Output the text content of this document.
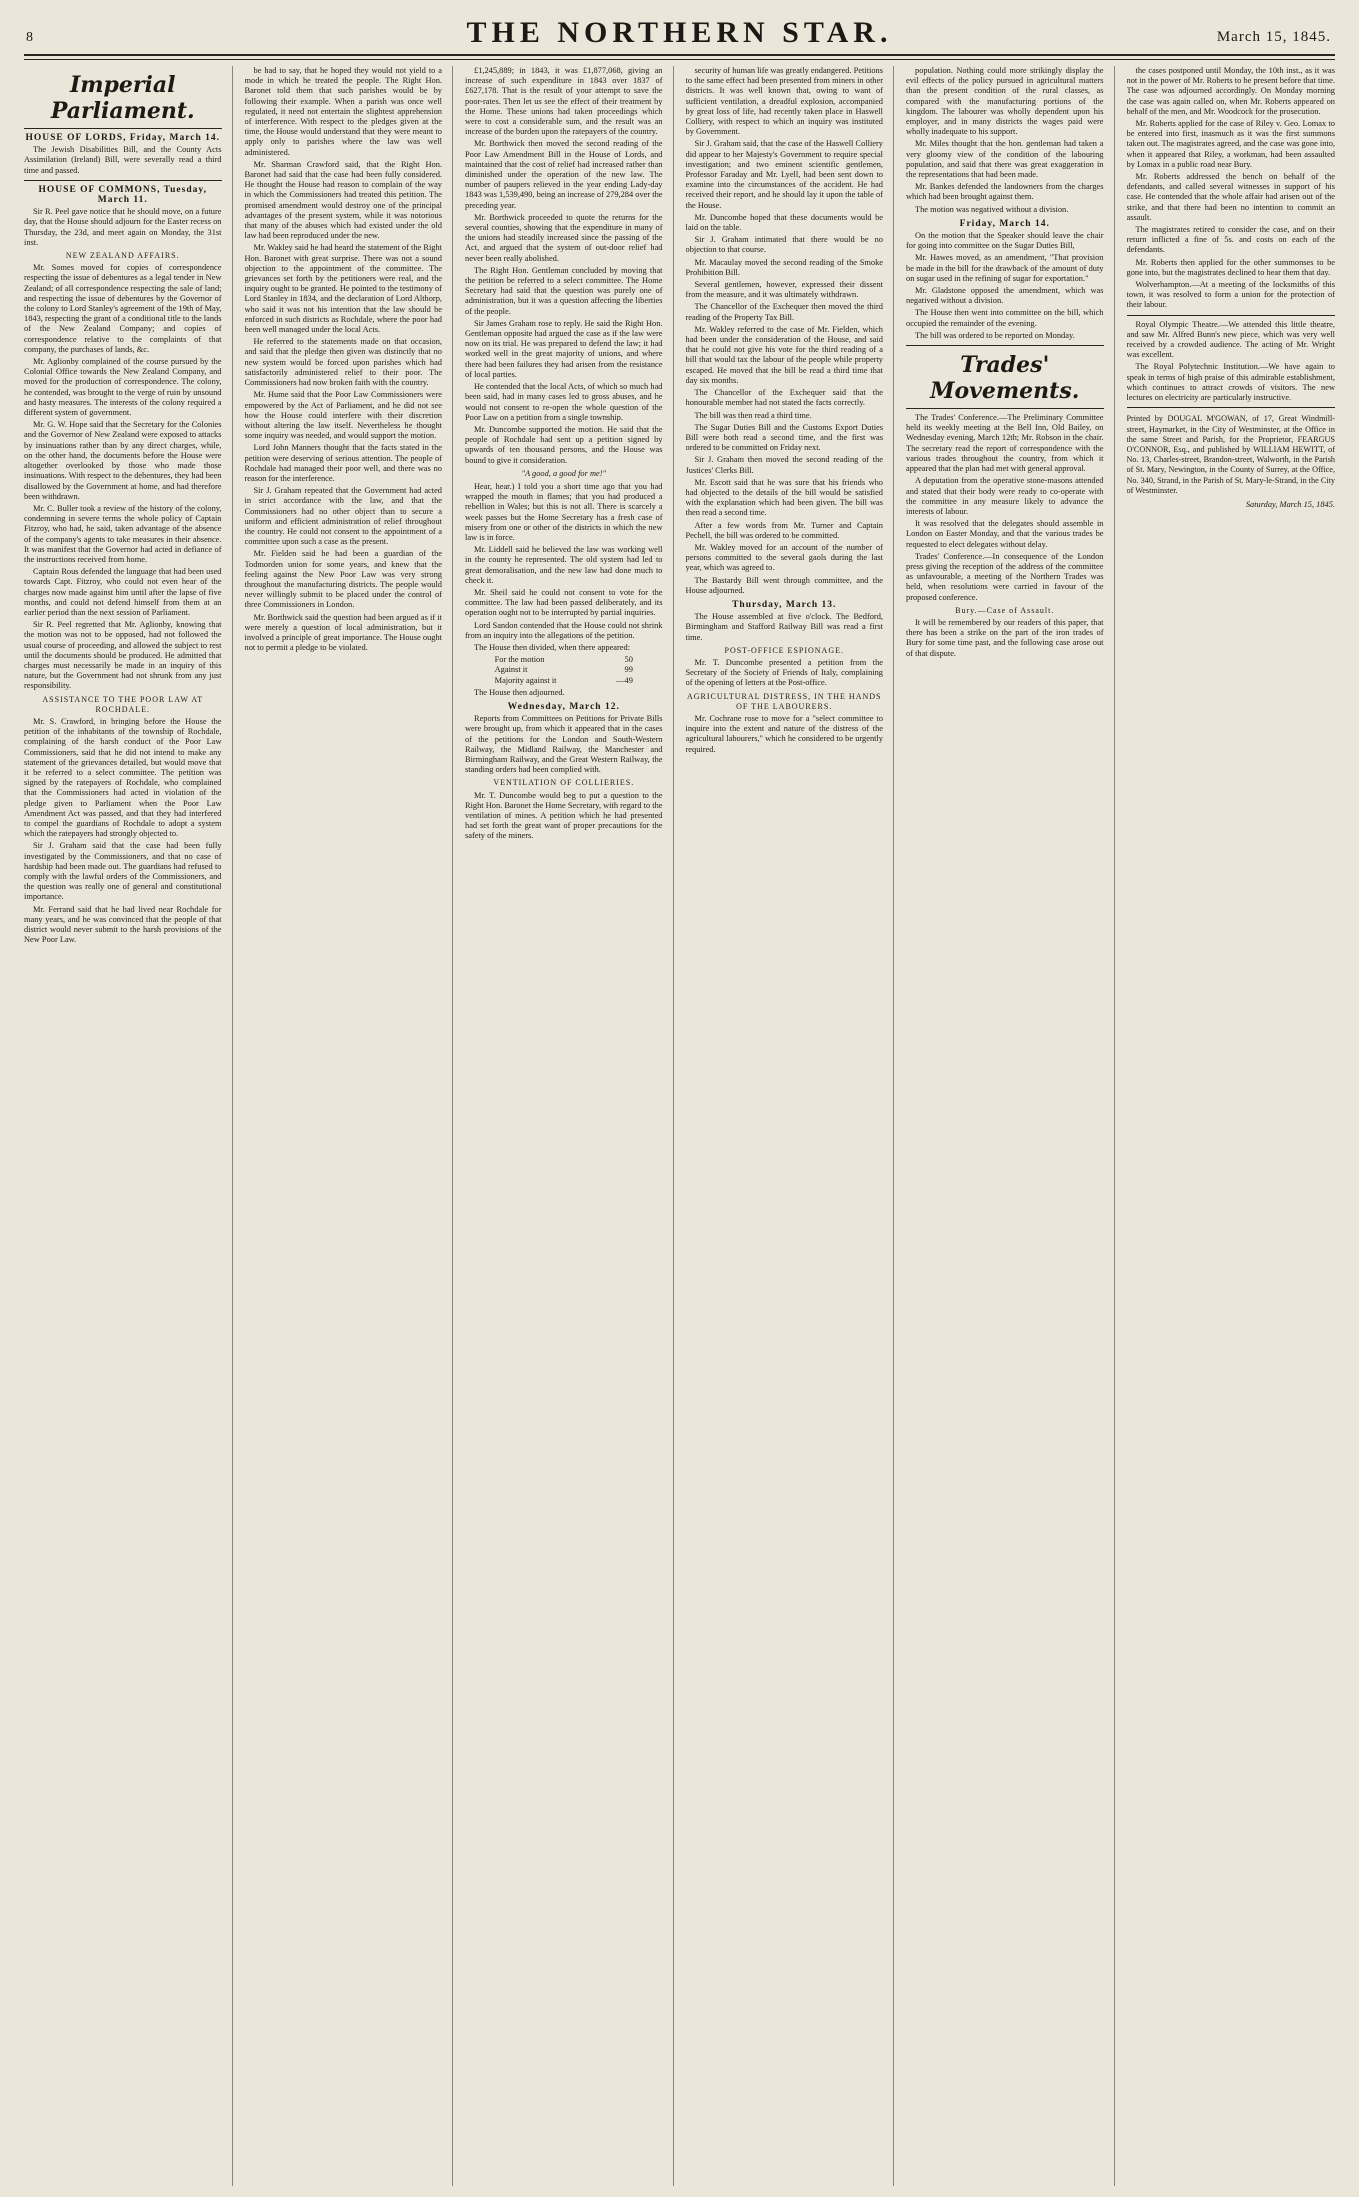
8	THE NORTHERN STAR.	March 15, 1845.
Imperial Parliament.
HOUSE OF LORDS, Friday, March 14.

The Jewish Disabilities Bill, and the County Acts Assimilation (Ireland) Bill, were severally read a third time and passed.

HOUSE OF COMMONS, Tuesday, March 11.

Sir R. Peel gave notice that he should move, on a future day, that the House should adjourn for the Easter recess on Thursday, the 23d, and meet again on Monday, the 31st inst.

NEW ZEALAND AFFAIRS.

Mr. Somes moved for copies of correspondence respecting the issue of debentures as a legal tender in New Zealand; of all correspondence respecting the sale of land; and respecting the issue of debentures by the Governor of the colony to Lord Stanley's agreement of the 19th of May, 1843, respecting the grant of a conditional title to the lands of the New Zealand Company; and copies of correspondence relative to the complaints of that company, the purchases of lands, &c.

Mr. Aglionby complained of the course pursued by the Colonial Office towards the New Zealand Company, and moved for the production of correspondence. The colony, he contended, was brought to the verge of ruin by unsound and hasty measures. The interests of the colony required a different system of government.

Mr. G. W. Hope said that the Secretary for the Colonies and the Governor of New Zealand were exposed to attacks by insinuations rather than by any direct charges, while, on the other hand, the documents before the House were altogether overlooked by those who made those insinuations. With respect to the debentures, they had been disallowed by the Government at home, and had therefore been withdrawn.

Mr. C. Buller took a review of the history of the colony, condemning in severe terms the whole policy of Captain Fitzroy, who had, he said, taken advantage of the absence of the company's agents to take measures in their absence. It was manifest that the Governor had acted in defiance of the instructions received from home.

Captain Rous defended the language that had been used towards Capt. Fitzroy, who could not even hear of the charges now made against him until after the lapse of five months, and could not defend himself from them at an earlier period than the next session of Parliament.

Sir R. Peel regretted that Mr. Aglionby, knowing that the motion was not to be opposed, had not followed the usual course of proceeding, and allowed the subject to rest until the documents should be produced. He admitted that charges must necessarily be made in an inquiry of this nature, but the Government had not shrunk from any just responsibility.

ASSISTANCE TO THE POOR LAW AT ROCHDALE.

Mr. S. Crawford, in bringing before the House the petition of the inhabitants of the township of Rochdale, complaining of the harsh conduct of the Poor Law Commissioners, said that he did not intend to make any statement of the grievances detailed, but would move that it be referred to a select committee. The petition was signed by the ratepayers of Rochdale, who complained that the Commissioners had acted in violation of the pledge given to Parliament when the Poor Law Amendment Act was passed, and that they had interfered to compel the guardians of Rochdale to adopt a system which the ratepayers had strongly objected to.

Sir J. Graham said that the case had been fully investigated by the Commissioners, and that no case of hardship had been made out. The guardians had refused to comply with the lawful orders of the Commissioners, and the question was really one of general and constitutional importance.

Mr. Ferrand said that he had lived near Rochdale for many years, and he was convinced that the people of that district would never submit to the harsh provisions of the New Poor Law.

be had to say, that he hoped they would not yield to a mode in which he treated the people. The Right Hon. Baronet told them that such parishes would be by following their example. When a parish was once well regulated, it need not entertain the slightest apprehension of interference. With respect to the pledges given at the time, the House would understand that they were meant to apply only to parishes where the law was well administered.

Mr. Sharman Crawford said, that the Right Hon. Baronet had said that the case had been fully considered. He thought the House had reason to complain of the way in which the Commissioners had treated this petition. The promised amendment would destroy one of the principal advantages of the present system, while it was notorious that many of the abuses which had existed under the old law had been reproduced under the new.

Mr. Wakley said he had heard the statement of the Right Hon. Baronet with great surprise. There was not a sound objection to the appointment of the committee. The grievances set forth by the petitioners were real, and the inquiry ought to be granted. He pointed to the testimony of Lord Stanley in 1834, and the declaration of Lord Althorp, who said it was not his intention that the law should be enforced in such districts as Rochdale, where the poor had been well managed under the local Acts.

He referred to the statements made on that occasion, and said that the pledge then given was distinctly that no new system would be forced upon parishes which had satisfactorily administered relief to their poor. The Commissioners had now broken faith with the country.

Mr. Hume said that the Poor Law Commissioners were empowered by the Act of Parliament, and he did not see how the House could interfere with their discretion without altering the law itself. Nevertheless he thought some inquiry was needed, and would support the motion.

Lord John Manners thought that the facts stated in the petition were deserving of serious attention. The people of Rochdale had managed their poor well, and there was no reason for the interference.

Sir J. Graham repeated that the Government had acted in strict accordance with the law, and that the Commissioners had no other object than to secure a uniform and efficient administration of relief throughout the country. He could not consent to the appointment of a committee upon such a case as the present.

Mr. Fielden said he had been a guardian of the Todmorden union for some years, and knew that the feeling against the New Poor Law was very strong throughout the manufacturing districts. The people would never willingly submit to be placed under the control of three Commissioners in London.

Mr. Borthwick said the question had been argued as if it were merely a question of local administration, but it involved a principle of great importance. The House ought not to permit a pledge to be violated.

£1,245,889; in 1843, it was £1,877,068, giving an increase of such expenditure in 1843 over 1837 of £627,178. That is the result of your attempt to save the poor-rates. Then let us see the effect of their treatment by the Home. These unions had taken proceedings which were to cost a considerable sum, and the result was an increase of the burden upon the ratepayers of the country.

Mr. Borthwick then moved the second reading of the Poor Law Amendment Bill in the House of Lords, and maintained that the cost of relief had increased rather than diminished under the operation of the new law. The number of paupers relieved in the year ending Lady-day 1843 was 1,539,490, being an increase of 279,284 over the preceding year.

Mr. Borthwick proceeded to quote the returns for the several counties, showing that the expenditure in many of the unions had steadily increased since the passing of the Act, and argued that the system of out-door relief had never been really abolished.

The Right Hon. Gentleman concluded by moving that the petition be referred to a select committee. The Home Secretary had said that the question was purely one of administration, but it was a question affecting the liberties of the people.

Sir James Graham rose to reply. He said the Right Hon. Gentleman opposite had argued the case as if the law were now on its trial. He was prepared to defend the law; it had worked well in the great majority of unions, and where there had been failures they had arisen from the resistance of local parties.

He contended that the local Acts, of which so much had been said, had in many cases led to gross abuses, and he would not consent to re-open the whole question of the Poor Law on a petition from a single township.

Mr. Duncombe supported the motion. He said that the people of Rochdale had sent up a petition signed by upwards of ten thousand persons, and the House was bound to give it consideration.

"A good, a good for me!"

Hear, hear.) I told you a short time ago that you had wrapped the mouth in flames; that you had produced a rebellion in Wales; but this is not all. There is scarcely a week passes but the Home Secretary has a fresh case of misery from one or other of the districts in which the new law is in force.

Mr. Liddell said he believed the law was working well in the county he represented. The old system had led to great demoralisation, and the new law had done much to check it.

Mr. Sheil said he could not consent to vote for the committee. The law had been passed deliberately, and its operation ought not to be interrupted by partial inquiries.

Lord Sandon contended that the House could not shrink from an inquiry into the allegations of the petition.

The House then divided, when there appeared:

For the motion	50
Against it	99
Majority against it	—49

The House then adjourned.

Wednesday, March 12.

Reports from Committees on Petitions for Private Bills were brought up, from which it appeared that in the cases of the petitions for the London and South-Western Railway, the Midland Railway, the Manchester and Birmingham Railway, and the Great Western Railway, the standing orders had been complied with.

VENTILATION OF COLLIERIES.

Mr. T. Duncombe would beg to put a question to the Right Hon. Baronet the Home Secretary, with regard to the ventilation of mines. A petition which he had presented had set forth the great want of proper precautions for the safety of the miners.

security of human life was greatly endangered. Petitions to the same effect had been presented from miners in other districts. It was well known that, owing to want of sufficient ventilation, a dreadful explosion, accompanied by great loss of life, had recently taken place in Haswell Colliery, with respect to which an inquiry was instituted by Government.

Sir J. Graham said, that the case of the Haswell Colliery did appear to her Majesty's Government to require special investigation; and two eminent scientific gentlemen, Professor Faraday and Mr. Lyell, had been sent down to examine into the circumstances of the accident. He had received their report, and he should lay it upon the table of the House.

Mr. Duncombe hoped that these documents would be laid on the table.

Sir J. Graham intimated that there would be no objection to that course.

Mr. Macaulay moved the second reading of the Smoke Prohibition Bill.

Several gentlemen, however, expressed their dissent from the measure, and it was ultimately withdrawn.

The Chancellor of the Exchequer then moved the third reading of the Property Tax Bill.

Mr. Wakley referred to the case of Mr. Fielden, which had been under the consideration of the House, and said that he could not give his vote for the third reading of a bill that would tax the labour of the people while property escaped. He moved that the bill be read a third time that day six months.

The Chancellor of the Exchequer said that the honourable member had not stated the facts correctly.

The bill was then read a third time.

The Sugar Duties Bill and the Customs Export Duties Bill were both read a second time, and the first was ordered to be committed on Friday next.

Sir J. Graham then moved the second reading of the Justices' Clerks Bill.

Mr. Escott said that he was sure that his friends who had objected to the details of the bill would be satisfied with the explanation which had been given. The bill was then read a second time.

After a few words from Mr. Turner and Captain Pechell, the bill was ordered to be committed.

Mr. Wakley moved for an account of the number of persons committed to the several gaols during the last year, which was agreed to.

The Bastardy Bill went through committee, and the House adjourned.

Thursday, March 13.

The House assembled at five o'clock. The Bedford, Birmingham and Stafford Railway Bill was read a first time.

POST-OFFICE ESPIONAGE.

Mr. T. Duncombe presented a petition from the Secretary of the Society of Friends of Italy, complaining of the opening of letters at the Post-office.

AGRICULTURAL DISTRESS, IN THE HANDS OF THE LABOURERS.

Mr. Cochrane rose to move for a "select committee to inquire into the extent and nature of the distress of the agricultural labourers," which he considered to be urgently required.

population. Nothing could more strikingly display the evil effects of the policy pursued in agricultural matters than the present condition of the rural classes, as compared with the manufacturing portions of the kingdom. The labourer was wholly dependent upon his employer, and in many districts the wages paid were wholly inadequate to his support.

Mr. Miles thought that the hon. gentleman had taken a very gloomy view of the condition of the labouring population, and said that there was great exaggeration in the representations that had been made.

Mr. Bankes defended the landowners from the charges which had been brought against them.

The motion was negatived without a division.

Friday, March 14.

On the motion that the Speaker should leave the chair for going into committee on the Sugar Duties Bill,

Mr. Hawes moved, as an amendment, "That provision be made in the bill for the drawback of the amount of duty on sugar used in the refining of sugar for exportation."

Mr. Gladstone opposed the amendment, which was negatived without a division.

The House then went into committee on the bill, which occupied the remainder of the evening.

The bill was ordered to be reported on Monday.

Trades' Movements.

The Trades' Conference.—The Preliminary Committee held its weekly meeting at the Bell Inn, Old Bailey, on Wednesday evening, March 12th; Mr. Robson in the chair. The secretary read the report of correspondence with the various trades throughout the country, from which it appeared that the plan had met with general approval.

A deputation from the operative stone-masons attended and stated that their body were ready to co-operate with the committee in any measure likely to advance the interests of labour.

It was resolved that the delegates should assemble in London on Easter Monday, and that the various trades be requested to elect delegates without delay.

Trades' Conference.—In consequence of the London press giving the reception of the address of the committee as unfavourable, a meeting of the Northern Trades was held, when resolutions were carried in favour of the proposed conference.

Bury.—Case of Assault.

It will be remembered by our readers of this paper, that there has been a strike on the part of the iron trades of Bury for some time past, and the following case arose out of that dispute.

the cases postponed until Monday, the 10th inst., as it was not in the power of Mr. Roberts to be present before that time. The case was adjourned accordingly. On Monday morning the case was again called on, when Mr. Roberts appeared on behalf of the men, and Mr. Woodcock for the prosecution.

Mr. Roberts applied for the case of Riley v. Geo. Lomax to be entered into first, inasmuch as it was the first summons taken out. The magistrates agreed, and the case was gone into, when it appeared that Riley, a workman, had been assaulted by Lomax in a public road near Bury.

Mr. Roberts addressed the bench on behalf of the defendants, and called several witnesses in support of his case. He contended that the whole affair had arisen out of the strike, and that there had been no intention to commit an assault.

The magistrates retired to consider the case, and on their return inflicted a fine of 5s. and costs on each of the defendants.

Mr. Roberts then applied for the other summonses to be gone into, but the magistrates declined to hear them that day.

Wolverhampton.—At a meeting of the locksmiths of this town, it was resolved to form a union for the protection of their labour.

Royal Olympic Theatre.—We attended this little theatre, and saw Mr. Alfred Bunn's new piece, which was very well received by a crowded audience. The acting of Mr. Wright was excellent.

The Royal Polytechnic Institution.—We have again to speak in terms of high praise of this admirable establishment, which continues to attract crowds of visitors. The new lectures on electricity are particularly instructive.

Printed by DOUGAL M'GOWAN, of 17, Great Windmill-street, Haymarket, in the City of Westminster, at the Office in the same Street and Parish, for the Proprietor, FEARGUS O'CONNOR, Esq., and published by WILLIAM HEWITT, of No. 13, Charles-street, Brandon-street, Walworth, in the Parish of St. Mary, Newington, in the County of Surrey, at the Office, No. 340, Strand, in the Parish of St. Mary-le-Strand, in the City of Westminster.

Saturday, March 15, 1845.
